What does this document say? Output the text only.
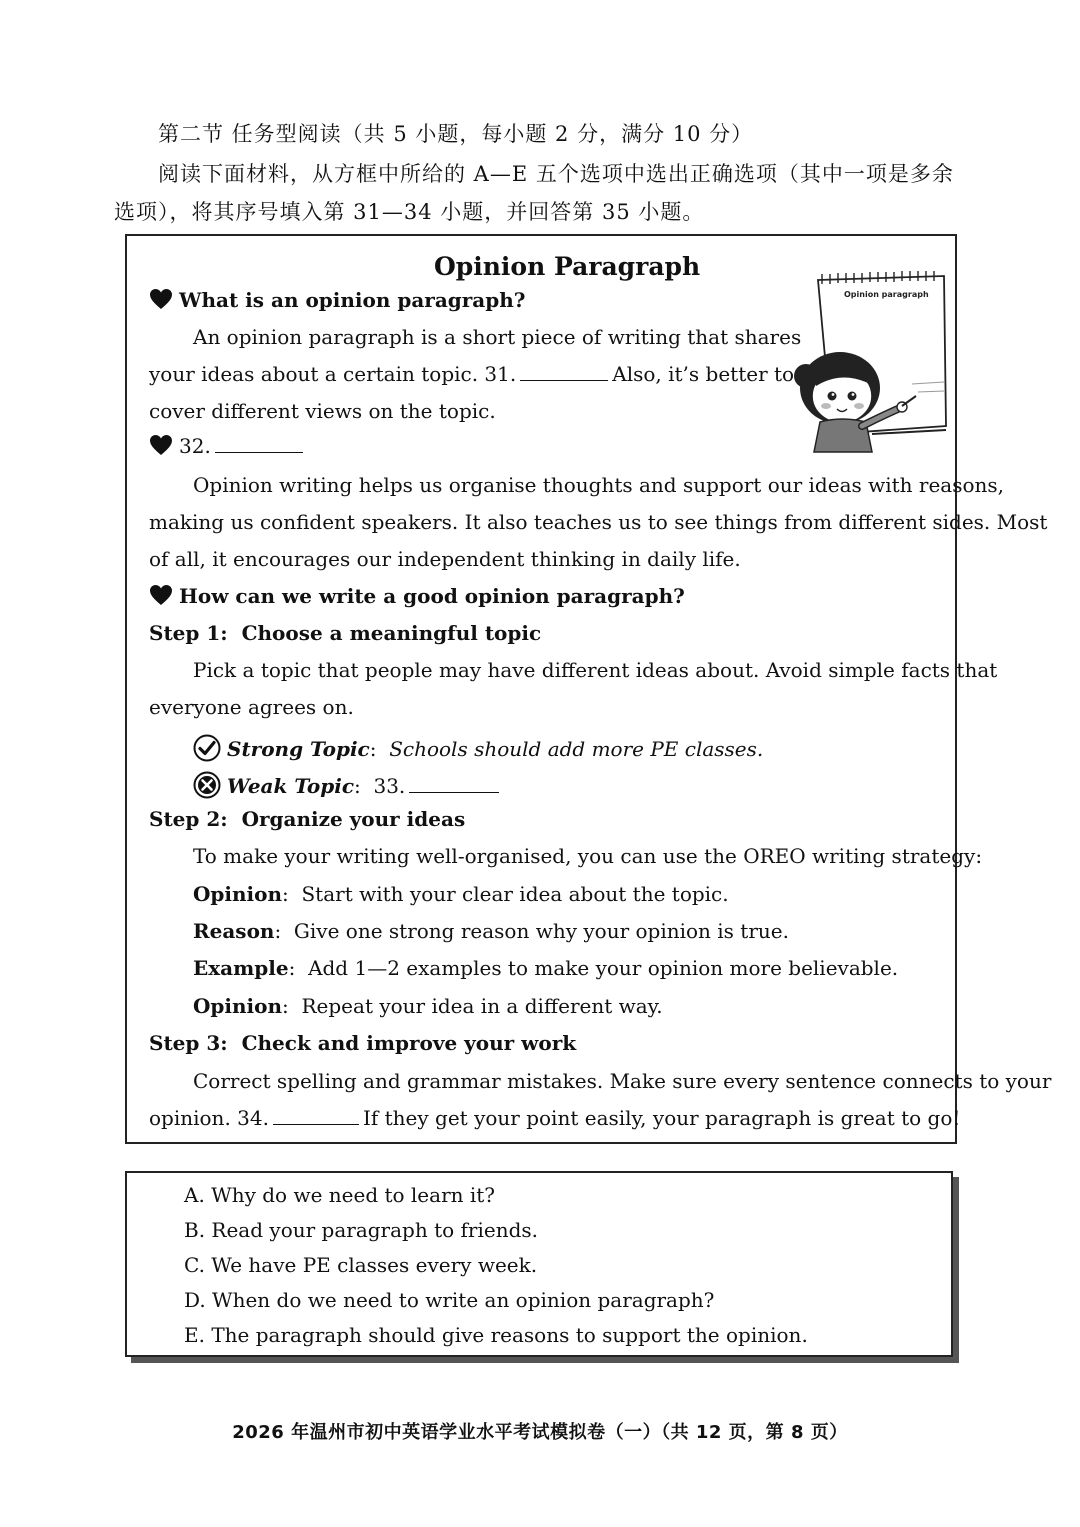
第二节 任务型阅读（共 5 小题，每小题 2 分，满分 10 分）
阅读下面材料，从方框中所给的 A—E 五个选项中选出正确选项（其中一项是多余
选项），将其序号填入第 31—34 小题，并回答第 35 小题。
Opinion Paragraph
What is an opinion paragraph?
An opinion paragraph is a short piece of writing that shares
your ideas about a certain topic. 31.	Also, it’s better to
cover different views on the topic.
32.
Opinion writing helps us organise thoughts and support our ideas with reasons,
making us confident speakers. It also teaches us to see things from different sides. Most
of all, it encourages our independent thinking in daily life.
How can we write a good opinion paragraph?
Step 1: Choose a meaningful topic
Pick a topic that people may have different ideas about. Avoid simple facts that
everyone agrees on.
Strong Topic:  Schools should add more PE classes.
Weak Topic:  33.
Step 2: Organize your ideas
To make your writing well-organised, you can use the OREO writing strategy:
Opinion:  Start with your clear idea about the topic.
Reason:  Give one strong reason why your opinion is true.
Example:  Add 1—2 examples to make your opinion more believable.
Opinion:  Repeat your idea in a different way.
Step 3: Check and improve your work
Correct spelling and grammar mistakes. Make sure every sentence connects to your
opinion. 34.	If they get your point easily, your paragraph is great to go!
Opinion paragraph
A. Why do we need to learn it?
B. Read your paragraph to friends.
C. We have PE classes every week.
D. When do we need to write an opinion paragraph?
E. The paragraph should give reasons to support the opinion.
2026 年温州市初中英语学业水平考试模拟卷（一）（共 12 页，第 8 页）
